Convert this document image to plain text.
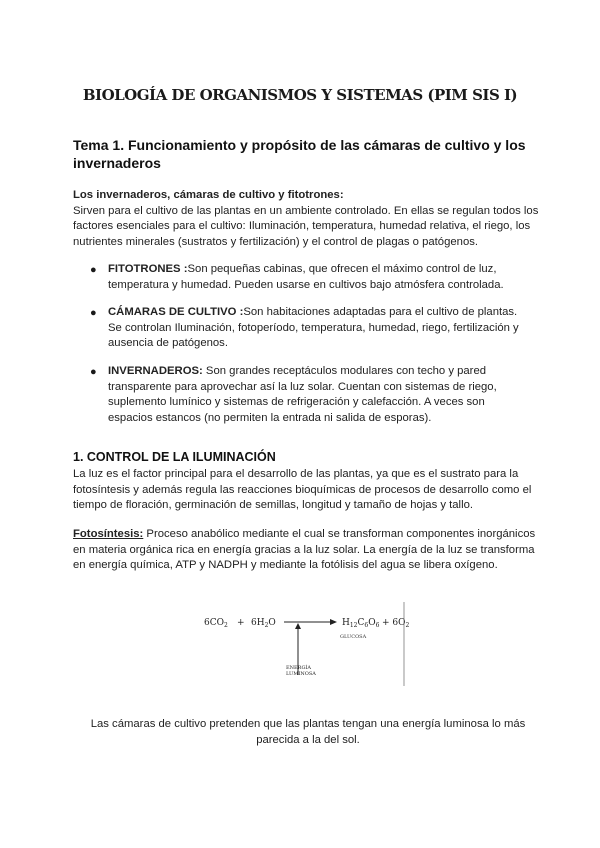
BIOLOGÍA DE ORGANISMOS Y SISTEMAS (PIM SIS I)
Tema 1. Funcionamiento y propósito de las cámaras de cultivo y los invernaderos
Los invernaderos, cámaras de cultivo y fitotrones:
Sirven para el cultivo de las plantas en un ambiente controlado. En ellas se regulan todos los factores esenciales para el cultivo: Iluminación, temperatura, humedad relativa, el riego, los nutrientes minerales (sustratos y fertilización) y el control de plagas o patógenos.
● FITOTRONES :Son pequeñas cabinas, que ofrecen el máximo control de luz, temperatura y humedad. Pueden usarse en cultivos bajo atmósfera controlada.
● CÁMARAS DE CULTIVO :Son habitaciones adaptadas para el cultivo de plantas. Se controlan Iluminación, fotoperíodo, temperatura, humedad, riego, fertilización y ausencia de patógenos.
● INVERNADEROS: Son grandes receptáculos modulares con techo y pared transparente para aprovechar así la luz solar. Cuentan con sistemas de riego, suplemento lumínico y sistemas de refrigeración y calefacción. A veces son espacios estancos (no permiten la entrada ni salida de esporas).
1. CONTROL DE LA ILUMINACIÓN
La luz es el factor principal para el desarrollo de las plantas, ya que es el sustrato para la fotosíntesis y además regula las reacciones bioquímicas de procesos de desarrollo como el tiempo de floración, germinación de semillas, longitud y tamaño de hojas y tallo.
Fotosíntesis: Proceso anabólico mediante el cual se transforman componentes inorgánicos en materia orgánica rica en energía gracias a la luz solar. La energía de la luz se transforma en energía química, ATP y NADPH y mediante la fotólisis del agua se libera oxígeno.
$6CO_2 + 6H_2O$	$H_{12}C_6O_6 + 6O_2$
GLUCOSA
ENERGÍA
LUMINOSA
Las cámaras de cultivo pretenden que las plantas tengan una energía luminosa lo más parecida a la del sol.
